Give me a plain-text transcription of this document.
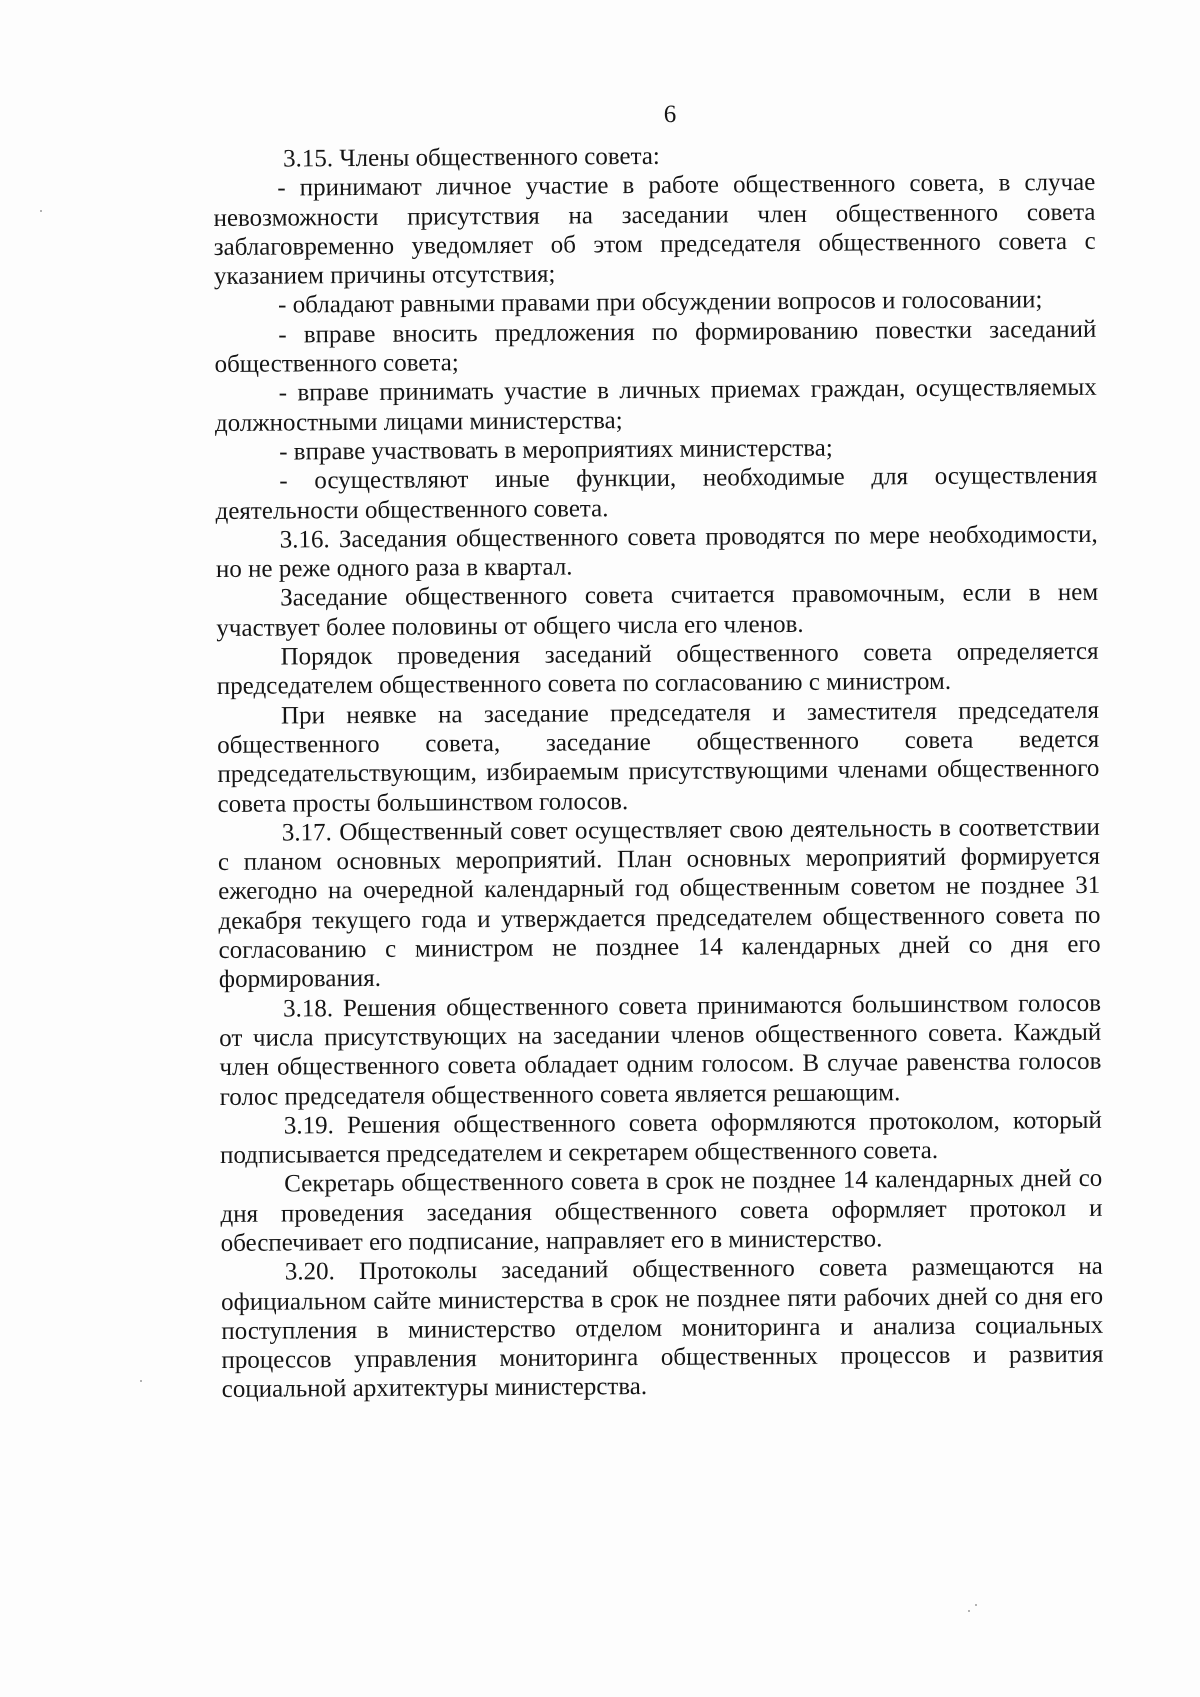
6

3.15. Члены общественного совета:

- принимают личное участие в работе общественного совета, в случае невозможности присутствия на заседании член общественного совета заблаговременно уведомляет об этом председателя общественного совета с указанием причины отсутствия;

- обладают равными правами при обсуждении вопросов и голосовании;

- вправе вносить предложения по формированию повестки заседаний общественного совета;

- вправе принимать участие в личных приемах граждан, осуществляемых должностными лицами министерства;

- вправе участвовать в мероприятиях министерства;

- осуществляют иные функции, необходимые для осуществления деятельности общественного совета.

3.16. Заседания общественного совета проводятся по мере необходимости, но не реже одного раза в квартал.

Заседание общественного совета считается правомочным, если в нем участвует более половины от общего числа его членов.

Порядок проведения заседаний общественного совета определяется председателем общественного совета по согласованию с министром.

При неявке на заседание председателя и заместителя председателя общественного совета, заседание общественного совета ведется председательствующим, избираемым присутствующими членами общественного совета просты большинством голосов.

3.17. Общественный совет осуществляет свою деятельность в соответствии с планом основных мероприятий. План основных мероприятий формируется ежегодно на очередной календарный год общественным советом не позднее 31 декабря текущего года и утверждается председателем общественного совета по согласованию с министром не позднее 14 календарных дней со дня его формирования.

3.18. Решения общественного совета принимаются большинством голосов от числа присутствующих на заседании членов общественного совета. Каждый член общественного совета обладает одним голосом. В случае равенства голосов голос председателя общественного совета является решающим.

3.19. Решения общественного совета оформляются протоколом, который подписывается председателем и секретарем общественного совета.

Секретарь общественного совета в срок не позднее 14 календарных дней со дня проведения заседания общественного совета оформляет протокол и обеспечивает его подписание, направляет его в министерство.

3.20. Протоколы заседаний общественного совета размещаются на официальном сайте министерства в срок не позднее пяти рабочих дней со дня его поступления в министерство отделом мониторинга и анализа социальных процессов управления мониторинга общественных процессов и развития социальной архитектуры министерства.
